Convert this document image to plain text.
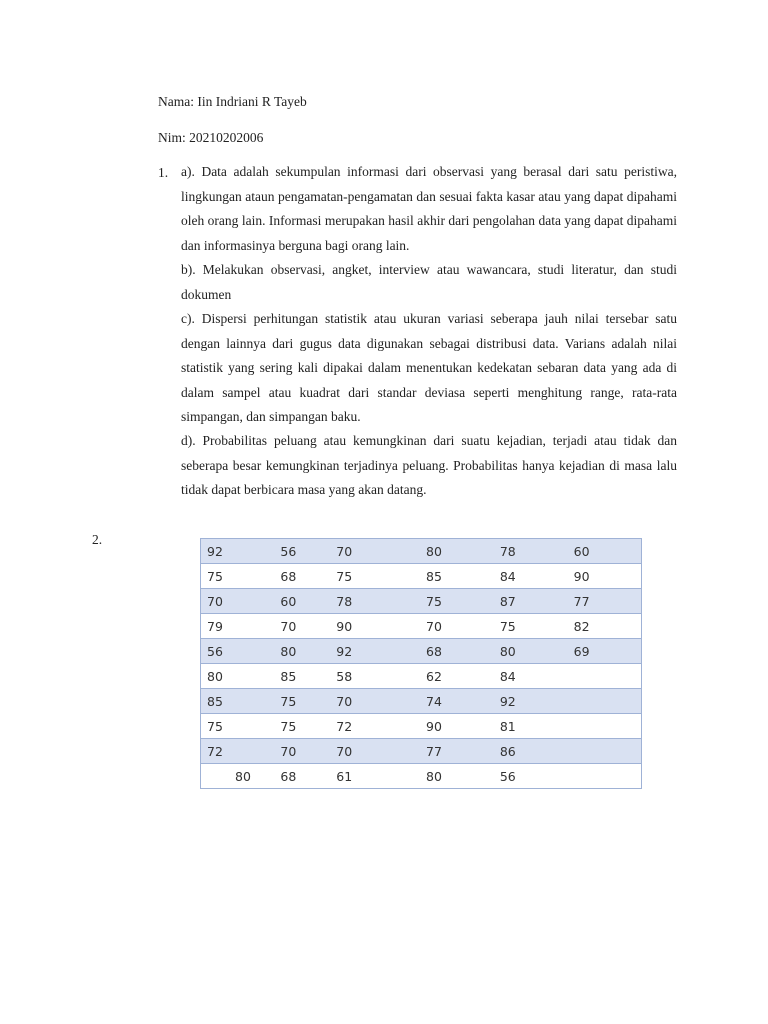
Nama: Iin Indriani R Tayeb
Nim: 20210202006
1. a). Data adalah sekumpulan informasi dari observasi yang berasal dari satu peristiwa, lingkungan ataun pengamatan-pengamatan dan sesuai fakta kasar atau yang dapat dipahami oleh orang lain. Informasi merupakan hasil akhir dari pengolahan data yang dapat dipahami dan informasinya berguna bagi orang lain.

b). Melakukan observasi, angket, interview atau wawancara, studi literatur, dan studi dokumen

c). Dispersi perhitungan statistik atau ukuran variasi seberapa jauh nilai tersebar satu dengan lainnya dari gugus data digunakan sebagai distribusi data. Varians adalah nilai statistik yang sering kali dipakai dalam menentukan kedekatan sebaran data yang ada di dalam sampel atau kuadrat dari standar deviasa seperti menghitung range, rata-rata simpangan, dan simpangan baku.

d). Probabilitas peluang atau kemungkinan dari suatu kejadian, terjadi atau tidak dan seberapa besar kemungkinan terjadinya peluang. Probabilitas hanya kejadian di masa lalu tidak dapat berbicara masa yang akan datang.

2.
92	56	70	80	78	60
75	68	75	85	84	90
70	60	78	75	87	77
79	70	90	70	75	82
56	80	92	68	80	69
80	85	58	62	84	
85	75	70	74	92	
75	75	72	90	81	
72	70	70	77	86	
80	68	61	80	56	
